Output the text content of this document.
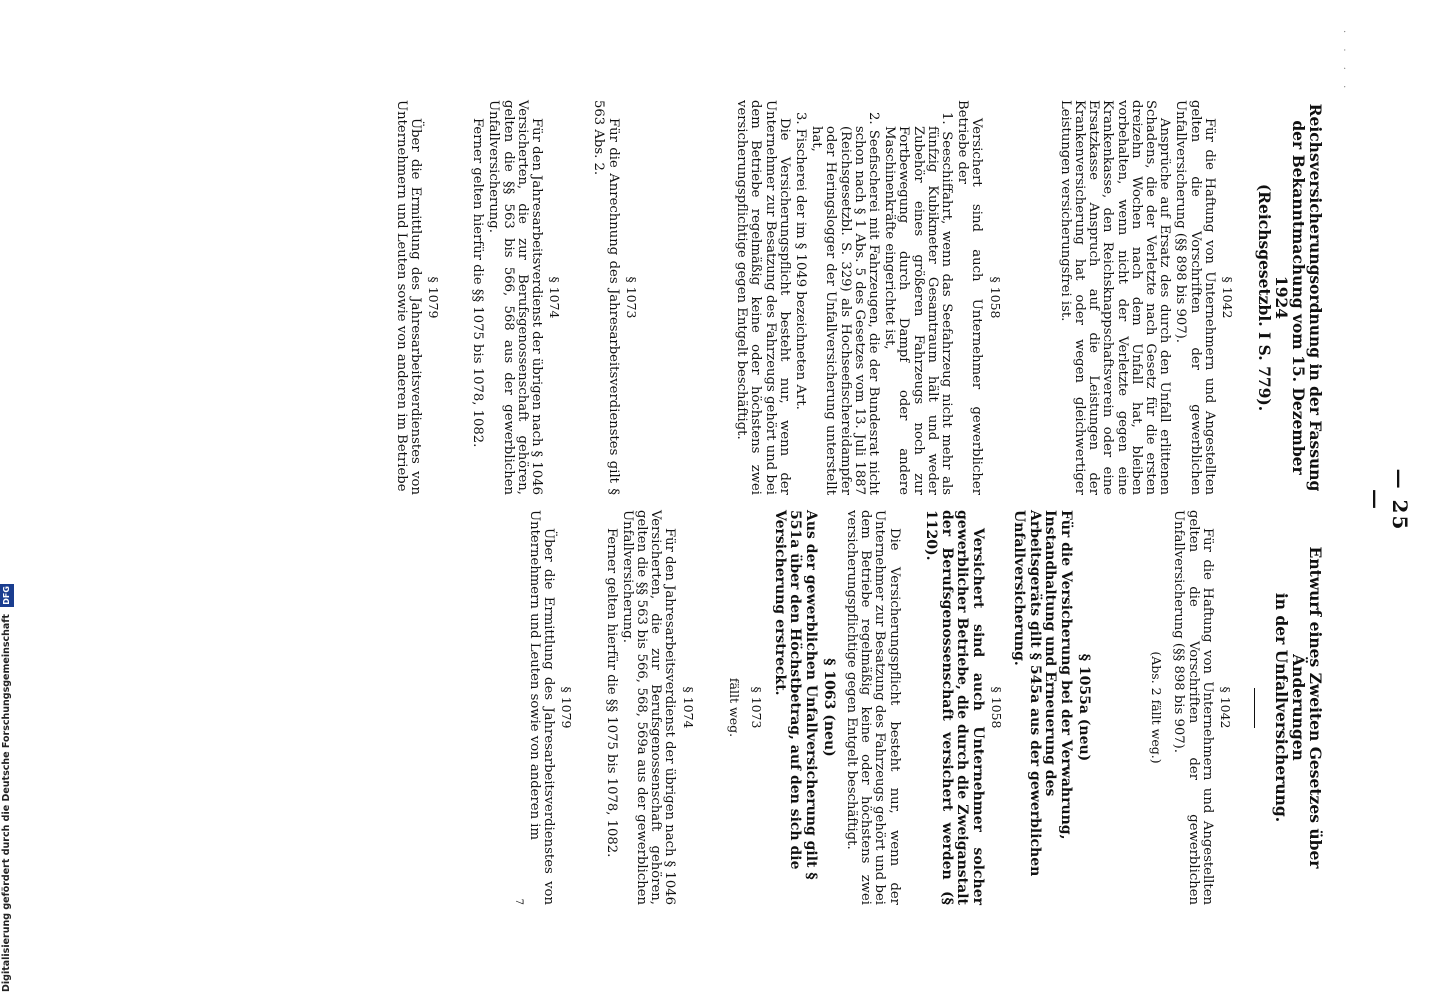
· ‧ · ·
— 25 —

Reichsversicherungsordnung in der Fassung der Bekanntmachung vom 15. Dezember 1924

(Reichsgesetzbl. I S. 779).

§ 1042

Für die Haftung von Unternehmern und Angestellten gelten die Vorschriften der gewerblichen Unfallversicherung (§§ 898 bis 907).

Ansprüche auf Ersatz des durch den Unfall erlittenen Schadens, die der Verletzte nach Gesetz für die ersten dreizehn Wochen nach dem Unfall hat, bleiben vorbehalten, wenn nicht der Verletzte gegen eine Krankenkasse, den Reichsknappschaftsverein oder eine Ersatzkasse Anspruch auf die Leistungen der Krankenversicherung hat oder wegen gleichwertiger Leistungen versicherungsfrei ist.

§ 1058

Versichert sind auch Unternehmer gewerblicher Betriebe der

1. Seeschiffahrt, wenn das Seefahrzeug nicht mehr als fünfzig Kubikmeter Gesamtraum hält und weder Zubehör eines größeren Fahrzeugs noch zur Fortbewegung durch Dampf oder andere Maschinenkräfte eingerichtet ist,

2. Seefischerei mit Fahrzeugen, die der Bundesrat nicht schon nach § 1 Abs. 5 des Gesetzes vom 13. Juli 1887 (Reichsgesetzbl. S. 329) als Hochseefischereidampfer oder Heringslogger der Unfallversicherung unterstellt hat,

3. Fischerei der im § 1049 bezeichneten Art.

Die Versicherungspflicht besteht nur, wenn der Unternehmer zur Besatzung des Fahrzeugs gehört und bei dem Betriebe regelmäßig keine oder höchstens zwei versicherungspflichtige gegen Entgelt beschäftigt.

§ 1073

Für die Anrechnung des Jahresarbeitsverdienstes gilt § 563 Abs. 2.

§ 1074

Für den Jahresarbeitsverdienst der übrigen nach § 1046 Versicherten, die zur Berufsgenossenschaft gehören, gelten die §§ 563 bis 566, 568 aus der gewerblichen Unfallversicherung.

Ferner gelten hierfür die §§ 1075 bis 1078, 1082.

§ 1079

Über die Ermittlung des Jahresarbeitsverdienstes von Unternehmern und Leuten sowie von anderen im Betriebe

Entwurf eines Zweiten Gesetzes über Änderungen

in der Unfallversicherung.

§ 1042

Für die Haftung von Unternehmern und Angestellten gelten die Vorschriften der gewerblichen Unfallversicherung (§§ 898 bis 907).

(Abs. 2 fällt weg.)
§ 1055a (neu)

Für die Versicherung bei der Verwahrung, Instandhaltung und Erneuerung des Arbeitsgeräts gilt § 545a aus der gewerblichen Unfallversicherung.

§ 1058

Versichert sind auch Unternehmer solcher gewerblicher Betriebe, die durch die Zweiganstalt der Berufsgenossenschaft versichert werden (§ 1120).

Die Versicherungspflicht besteht nur, wenn der Unternehmer zur Besatzung des Fahrzeugs gehört und bei dem Betriebe regelmäßig keine oder höchstens zwei versicherungspflichtige gegen Entgelt beschäftigt.

§ 1063 (neu)

Aus der gewerblichen Unfallversicherung gilt § 551a über den Höchstbetrag, auf den sich die Versicherung erstreckt.

§ 1073
fällt weg.
§ 1074

Für den Jahresarbeitsverdienst der übrigen nach § 1046 Versicherten, die zur Berufsgenossenschaft gehören, gelten die §§ 563 bis 566, 568, 569a aus der gewerblichen Unfallversicherung.

Ferner gelten hierfür die §§ 1075 bis 1078, 1082.

§ 1079

Über die Ermittlung des Jahresarbeitsverdienstes von Unternehmern und Leuten sowie von anderen im

7
Digitalisierung gefördert durch die Deutsche Forschungsgemeinschaft DFG
